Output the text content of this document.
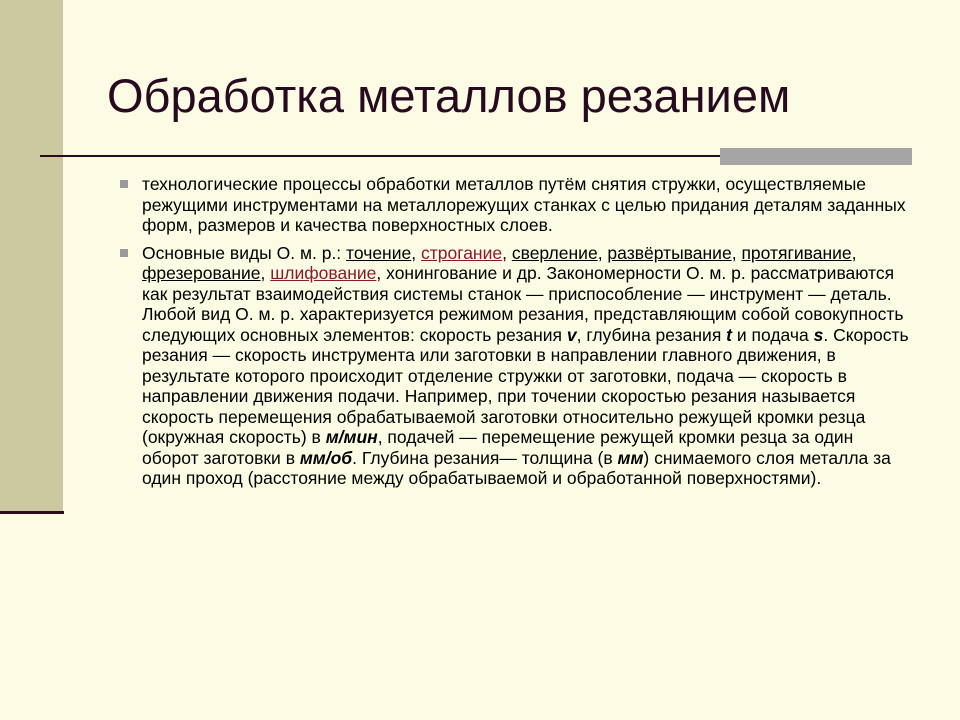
Обработка металлов резанием
технологические процессы обработки металлов путём снятия стружки, осуществляемые режущими инструментами на металлорежущих станках с целью придания деталям заданных форм, размеров и качества поверхностных слоев.
Основные виды О. м. р.: точение, строгание, сверление, развёртывание, протягивание, фрезерование, шлифование, хонингование и др. Закономерности О. м. р. рассматриваются как результат взаимодействия системы станок — приспособление — инструмент — деталь. Любой вид О. м. р. характеризуется режимом резания, представляющим собой совокупность следующих основных элементов: скорость резания v, глубина резания t и подача s. Скорость резания — скорость инструмента или заготовки в направлении главного движения, в результате которого происходит отделение стружки от заготовки, подача — скорость в направлении движения подачи. Например, при точении скоростью резания называется скорость перемещения обрабатываемой заготовки относительно режущей кромки резца (окружная скорость) в м/мин, подачей — перемещение режущей кромки резца за один оборот заготовки в мм/об. Глубина резания— толщина (в мм) снимаемого слоя металла за один проход (расстояние между обрабатываемой и обработанной поверхностями).
